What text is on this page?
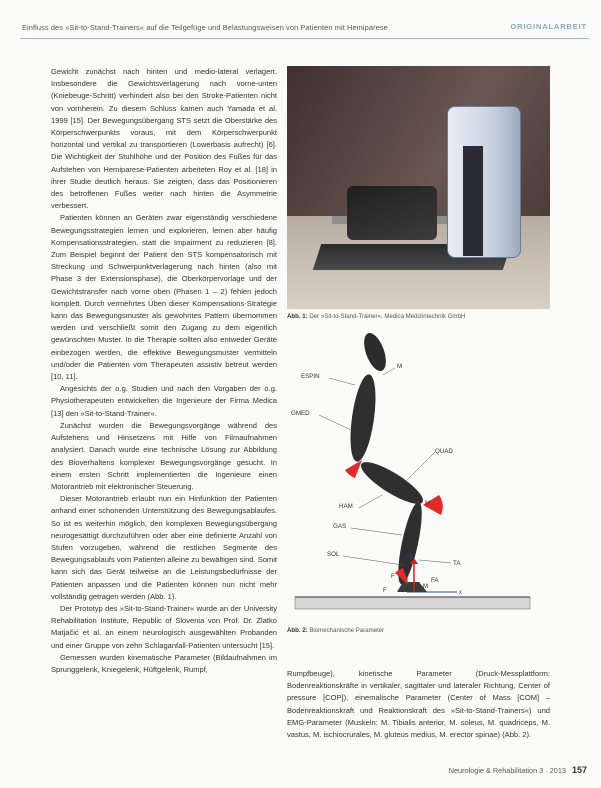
Einfluss des »Sit-to-Stand-Trainers« auf die Teilgefüge und Belastungsweisen von Patienten mit Hemiparese	ORIGINALARBEIT

Gewicht zunächst nach hinten und medio-lateral verlagert. Insbesondere die Gewichtsverlagerung nach vorne-unten (Kniebeuge-Schritt) verhindert also bei den Stroke-Patienten nicht von vornherein. Zu diesem Schluss kamen auch Yamada et al. 1999 [15]. Der Bewegungsübergang STS setzt die Oberstärke des Körperschwerpunkts voraus, mit dem Körperschwerpunkt horizontal und vertikal zu transportieren (Lowerbasis aufrecht) [6]. Die Wichtigkeit der Stuhlhöhe und der Position des Fußes für das Aufstehen von Hemiparese-Patienten arbeiteten Roy et al. [18] in ihrer Studie deutlich heraus. Sie zeigten, dass das Positionieren des betroffenen Fußes weiter nach hinten die Asymmetrie verbessert.

Patienten können an Geräten zwar eigenständig verschiedene Bewegungsstrategien lernen und explorieren, lernen aber häufig Kompensationsstrategien, statt die Impairment zu reduzieren [8]. Zum Beispiel beginnt der Patient den STS kompensatorisch mit Streckung und Schwerpunktverlagerung nach hinten (also mit Phase 3 der Extensionsphase), die Oberkörpervorlage und der Gewichtstransfer nach vorne oben (Phasen 1 – 2) fehlen jedoch komplett. Durch vermehrtes Üben dieser Kompensations-Strategie kann das Bewegungsmuster als gewohntes Pattern übernommen werden und verschließt somit den Zugang zu dem eigentlich gewünschten Muster. In die Therapie sollten also entweder Geräte einbezogen werden, die effektive Bewegungsmuster vermitteln und/oder die Patienten vom Therapeuten assistiv betreut werden [10, 11].

Angesichts der o.g. Studien und nach den Vorgaben der o.g. Physiotherapeuten entwickelten die Ingenieure der Firma Medica [13] den »Sit-to-Stand-Trainer«.

Zunächst wurden die Bewegungsvorgänge während des Aufstehens und Hinsetzens mit Hilfe von Filmaufnahmen analysiert. Danach wurde eine technische Lösung zur Abbildung des Bioverhaltens komplexer Bewegungsvorgänge gesucht. In einem ersten Schritt implementierten die Ingenieure einen Motorantrieb mit elektronischer Steuerung.

Dieser Motorantrieb erlaubt nun ein Hinfunktion der Patienten anhand einer schonenden Unterstützung des Bewegungsablaufes. So ist es weiterhin möglich, den komplexen Bewegungsübergang neurogesättigt durchzuführen oder aber eine definierte Anzahl von Stufen vorzugeben, während die restlichen Segmente des Bewegungsablaufs vom Patienten alleine zu bewältigen sind. Somit kann sich das Gerät teilweise an die Leistungsbedürfnisse der Patienten anpassen und die Patienten können nun nicht mehr vollständig getragen werden (Abb. 1).

Der Prototyp des »Sit-to-Stand-Trainer« wurde an der University Rehabilitation Institute, Republic of Slovenia von Prof. Dr. Zlatko Matjačić et al. an einem neurologisch ausgewählten Probanden und einer Gruppe von zehn Schlaganfall-Patienten untersucht [15].

Gemessen wurden kinematische Parameter (Bildaufnahmen im Sprunggelenk, Kniegelenk, Hüftgelenk, Rumpf,

Abb. 1: Der »Sit-to-Stand-Trainer«, Medica Medizintechnik GmbH
ESPIN
GMED
QUAD
HAM
GAS
SOL
TA
M
M
M
F
FA
x
y
F
Abb. 2: Biomechanische Parameter
Rumpfbeuge), kinetische Parameter (Druck-Messplattform: Bodenreaktionskräfte in vertikaler, sagittaler und lateraler Richtung, Center of pressure [COP]), einemalische Parameter (Center of Mass [COM] – Bodenreaktionskraft und Reaktionskraft des »Sit-to-Stand-Trainers«) und EMG-Parameter (Muskeln: M. Tibialis anterior, M. soleus, M. quadriceps, M. vastus, M. ischiocrurales, M. gluteus medius, M. erector spinae) (Abb. 2).
Neurologie & Rehabilitation 3 · 2013 157
